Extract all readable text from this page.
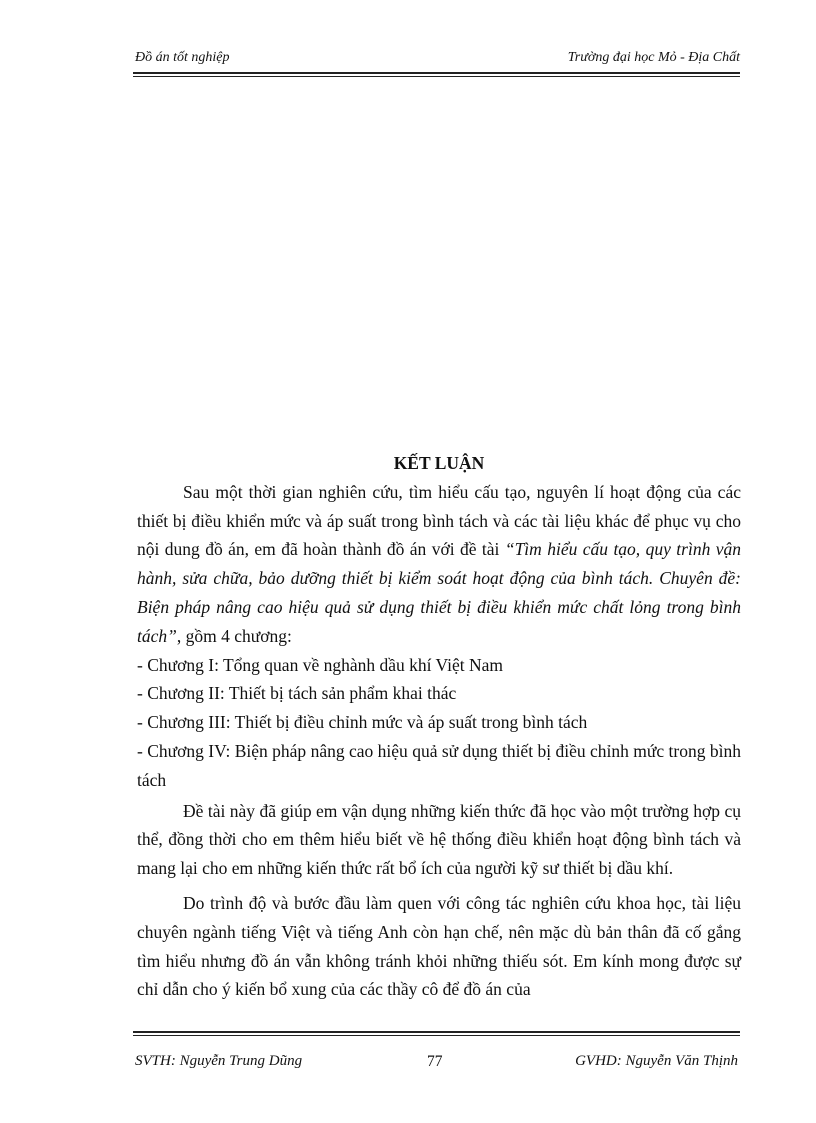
Đồ án tốt nghiệp	Trường đại học Mỏ - Địa Chất
KẾT LUẬN

Sau một thời gian nghiên cứu, tìm hiểu cấu tạo, nguyên lí hoạt động của các thiết bị điều khiển mức và áp suất trong bình tách và các tài liệu khác để phục vụ cho nội dung đồ án, em đã hoàn thành đồ án với đề tài “Tìm hiểu cấu tạo, quy trình vận hành, sửa chữa, bảo dưỡng thiết bị kiểm soát hoạt động của bình tách. Chuyên đề: Biện pháp nâng cao hiệu quả sử dụng thiết bị điều khiển mức chất lỏng trong bình tách”, gồm 4 chương:

- Chương I: Tổng quan về nghành dầu khí Việt Nam
- Chương II: Thiết bị tách sản phẩm khai thác
- Chương III: Thiết bị điều chỉnh mức và áp suất trong bình tách
- Chương IV: Biện pháp nâng cao hiệu quả sử dụng thiết bị điều chỉnh mức trong bình tách

Đề tài này đã giúp em vận dụng những kiến thức đã học vào một trường hợp cụ thể, đồng thời cho em thêm hiểu biết về hệ thống điều khiển hoạt động bình tách và mang lại cho em những kiến thức rất bổ ích của người kỹ sư thiết bị dầu khí.

Do trình độ và bước đầu làm quen với công tác nghiên cứu khoa học, tài liệu chuyên ngành tiếng Việt và tiếng Anh còn hạn chế, nên mặc dù bản thân đã cố gắng tìm hiểu nhưng đồ án vẫn không tránh khỏi những thiếu sót. Em kính mong được sự chỉ dẫn cho ý kiến bổ xung của các thầy cô để đồ án của

SVTH: Nguyễn Trung Dũng	77	GVHD: Nguyễn Văn Thịnh
